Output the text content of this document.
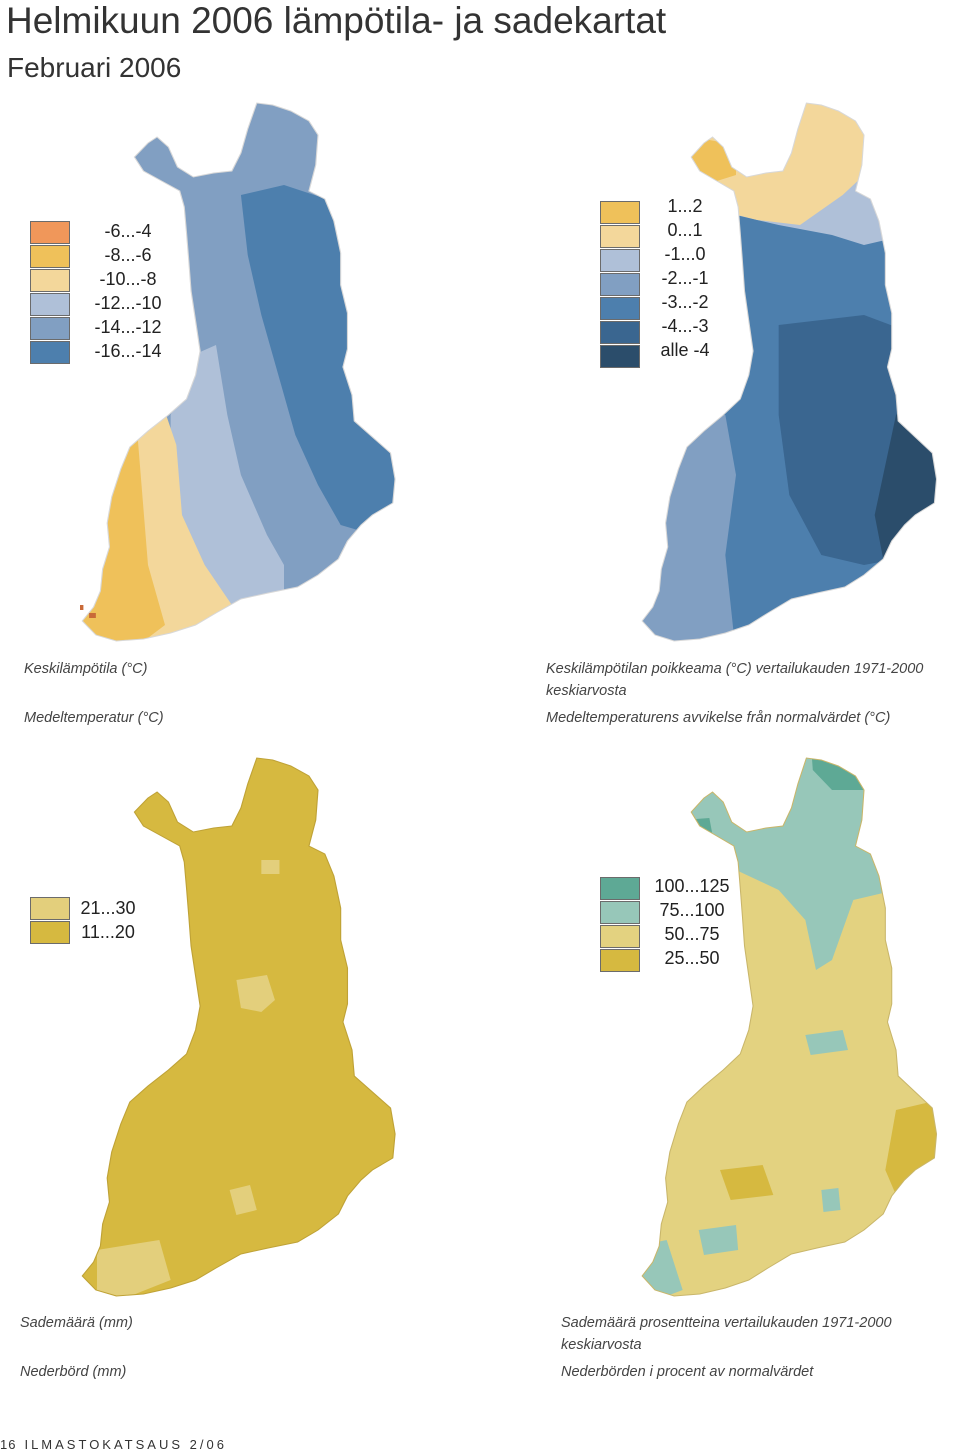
Helmikuun 2006 lämpötila- ja sadekartat
Februari 2006
-6...-4
-8...-6
-10...-8
-12...-10
-14...-12
-16...-14
1...2
0...1
-1...0
-2...-1
-3...-2
-4...-3
alle -4
Keskilämpötila (°C)
Medeltemperatur (°C)
Keskilämpötilan poikkeama (°C) vertailukauden 1971-2000
keskiarvosta
Medeltemperaturens avvikelse från normalvärdet (°C)
21...30
11...20
100...125
75...100
50...75
25...50
Sademäärä (mm)
Nederbörd (mm)
Sademäärä prosentteina vertailukauden 1971-2000
keskiarvosta
Nederbörden i procent av normalvärdet
16 ILMASTOKATSAUS 2/06
